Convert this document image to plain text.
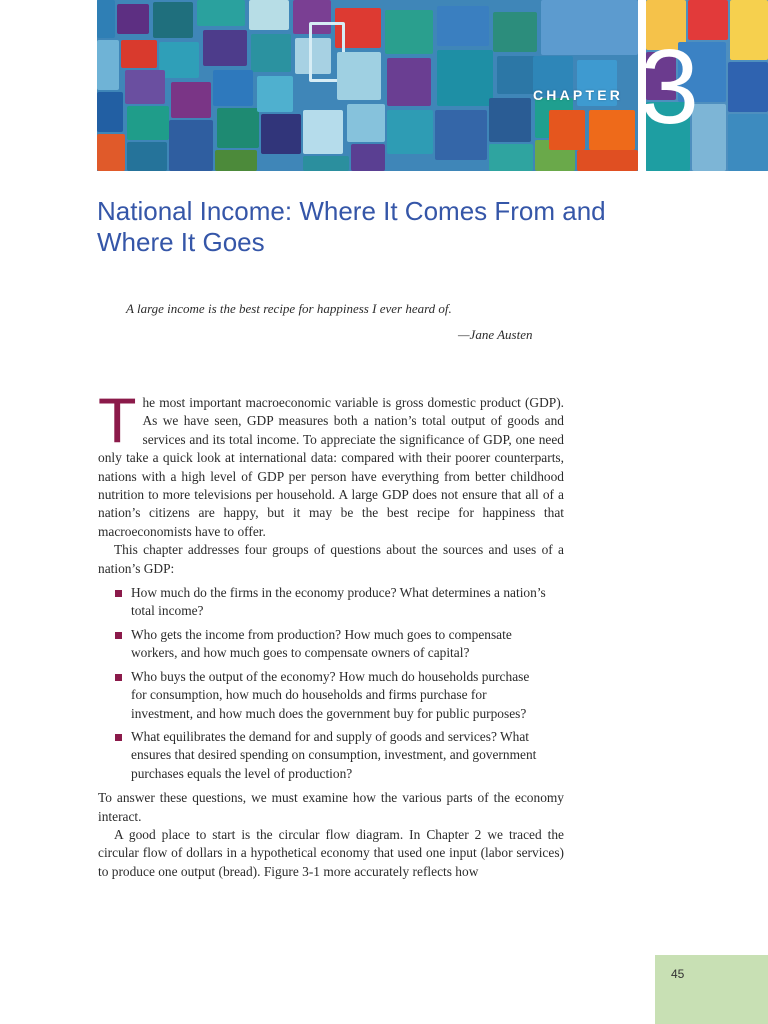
CHAPTER 3
National Income: Where It Comes From and Where It Goes
A large income is the best recipe for happiness I ever heard of.
—Jane Austen

The most important macroeconomic variable is gross domestic product (GDP). As we have seen, GDP measures both a nation’s total output of goods and services and its total income. To appreciate the significance of GDP, one need only take a quick look at international data: compared with their poorer counterparts, nations with a high level of GDP per person have everything from better childhood nutrition to more televisions per household. A large GDP does not ensure that all of a nation’s citizens are happy, but it may be the best recipe for happiness that macroeconomists have to offer.

This chapter addresses four groups of questions about the sources and uses of a nation’s GDP:

How much do the firms in the economy produce? What determines a nation’s total income?
Who gets the income from production? How much goes to compensate workers, and how much goes to compensate owners of capital?
Who buys the output of the economy? How much do households purchase for consumption, how much do households and firms purchase for investment, and how much does the government buy for public purposes?
What equilibrates the demand for and supply of goods and services? What ensures that desired spending on consumption, investment, and government purchases equals the level of production?

To answer these questions, we must examine how the various parts of the economy interact.

A good place to start is the circular flow diagram. In Chapter 2 we traced the circular flow of dollars in a hypothetical economy that used one input (labor services) to produce one output (bread). Figure 3-1 more accurately reflects how

45
